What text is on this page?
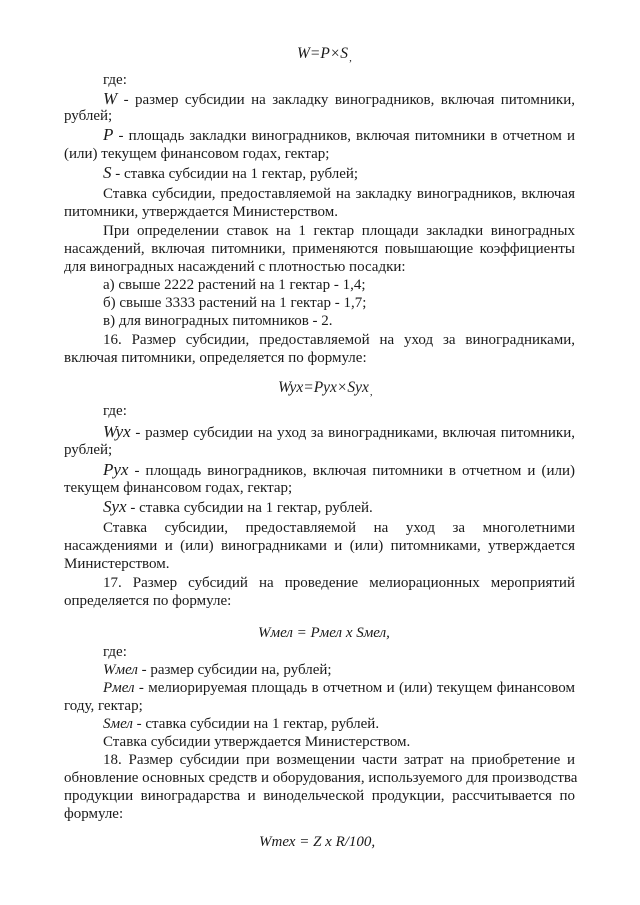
W=P×S,
где:
W - размер субсидии на закладку виноградников, включая питомники,
рублей;
P - площадь закладки виноградников, включая питомники в отчетном и
(или) текущем финансовом годах, гектар;
S - ставка субсидии на 1 гектар, рублей;
Ставка субсидии, предоставляемой на закладку виноградников, включая
питомники, утверждается Министерством.
При определении ставок на 1 гектар площади закладки виноградных
насаждений, включая питомники, применяются повышающие коэффициенты
для виноградных насаждений с плотностью посадки:
а) свыше 2222 растений на 1 гектар - 1,4;
б) свыше 3333 растений на 1 гектар - 1,7;
в) для виноградных питомников - 2.
16. Размер субсидии, предоставляемой на уход за виноградниками,
включая питомники, определяется по формуле:
Wyx=Pyx×Syx,
где:
Wyx - размер субсидии на уход за виноградниками, включая питомники,
рублей;
Pyx - площадь виноградников, включая питомники в отчетном и (или)
текущем финансовом годах, гектар;
Syx - ставка субсидии на 1 гектар, рублей.
Ставка субсидии, предоставляемой на уход за многолетними
насаждениями и (или) виноградниками и (или) питомниками, утверждается
Министерством.
17. Размер субсидий на проведение мелиорационных мероприятий
определяется по формуле:
Wмел = Pмел x Sмел,
где:
Wмел - размер субсидии на, рублей;
Pмел - мелиорируемая площадь в отчетном и (или) текущем финансовом
году, гектар;
Sмел - ставка субсидии на 1 гектар, рублей.
Ставка субсидии утверждается Министерством.
18. Размер субсидии при возмещении части затрат на приобретение и
обновление основных средств и оборудования, используемого для производства
продукции виноградарства и винодельческой продукции, рассчитывается по
формуле:
Wтех = Z x R/100,
